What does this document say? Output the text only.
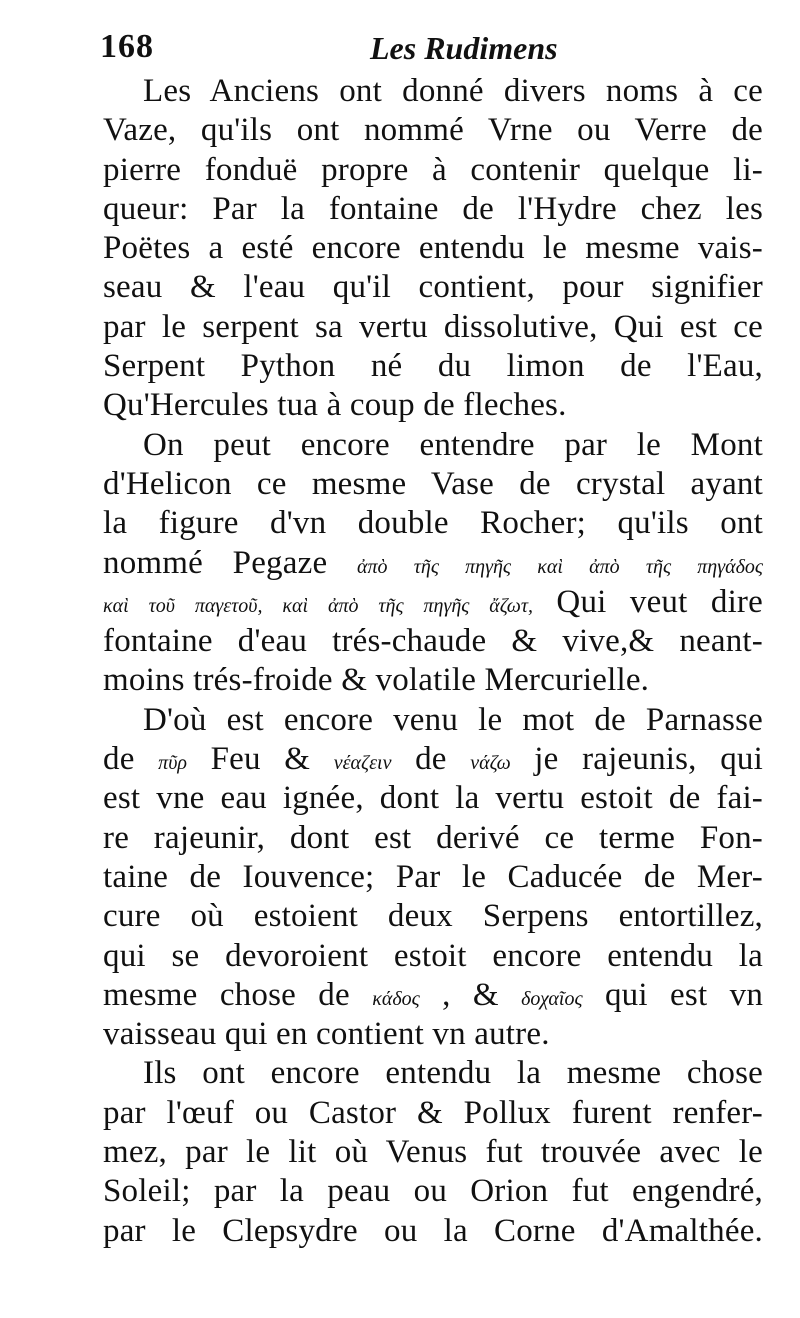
168	Les Rudimens
Les Anciens ont donné divers noms à ce
Vaze, qu'ils ont nommé Vrne ou Verre de
pierre fonduë propre à contenir quelque li-
queur: Par la fontaine de l'Hydre chez les
Poëtes a esté encore entendu le mesme vais-
seau & l'eau qu'il contient, pour signifier
par le serpent sa vertu dissolutive, Qui est ce
Serpent Python né du limon de l'Eau,
Qu'Hercules tua à coup de fleches.
On peut encore entendre par le Mont
d'Helicon ce mesme Vase de crystal ayant
la figure d'vn double Rocher; qu'ils ont
nommé Pegaze ἀπὸ τῆς πηγῆς καὶ ἀπὸ τῆς πηγάδος
καὶ τοῦ παγετοῦ, καὶ ἀπὸ τῆς πηγῆς ἄζωτ, Qui veut dire
fontaine d'eau trés-chaude & vive,& neant-
moins trés-froide & volatile Mercurielle.
D'où est encore venu le mot de Parnasse
de πῦρ Feu & νέαζειν de νάζω je rajeunis, qui
est vne eau ignée, dont la vertu estoit de fai-
re rajeunir, dont est derivé ce terme Fon-
taine de Iouvence; Par le Caducée de Mer-
cure où estoient deux Serpens entortillez,
qui se devoroient estoit encore entendu la
mesme chose de κάδος , & δοχαῖος qui est vn
vaisseau qui en contient vn autre.
Ils ont encore entendu la mesme chose
par l'œuf ou Castor & Pollux furent renfer-
mez, par le lit où Venus fut trouvée avec le
Soleil; par la peau ou Orion fut engendré,
par le Clepsydre ou la Corne d'Amalthée.
